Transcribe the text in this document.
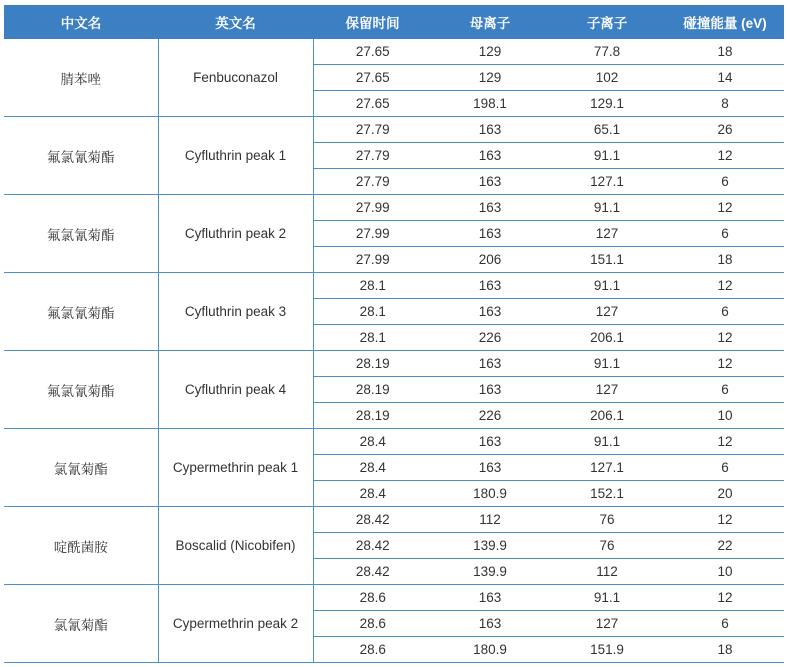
中文名	英文名	保留时间	母离子	子离子	碰撞能量 (eV)
腈苯唑	Fenbuconazol	27.65	129	77.8	18
		27.65	129	102	14
		27.65	198.1	129.1	8
氟氯氰菊酯	Cyfluthrin peak 1	27.79	163	65.1	26
		27.79	163	91.1	12
		27.79	163	127.1	6
氟氯氰菊酯	Cyfluthrin peak 2	27.99	163	91.1	12
		27.99	163	127	6
		27.99	206	151.1	18
氟氯氰菊酯	Cyfluthrin peak 3	28.1	163	91.1	12
		28.1	163	127	6
		28.1	226	206.1	12
氟氯氰菊酯	Cyfluthrin peak 4	28.19	163	91.1	12
		28.19	163	127	6
		28.19	226	206.1	10
氯氰菊酯	Cypermethrin peak 1	28.4	163	91.1	12
		28.4	163	127.1	6
		28.4	180.9	152.1	20
啶酰菌胺	Boscalid (Nicobifen)	28.42	112	76	12
		28.42	139.9	76	22
		28.42	139.9	112	10
氯氰菊酯	Cypermethrin peak 2	28.6	163	91.1	12
		28.6	163	127	6
		28.6	180.9	151.9	18
